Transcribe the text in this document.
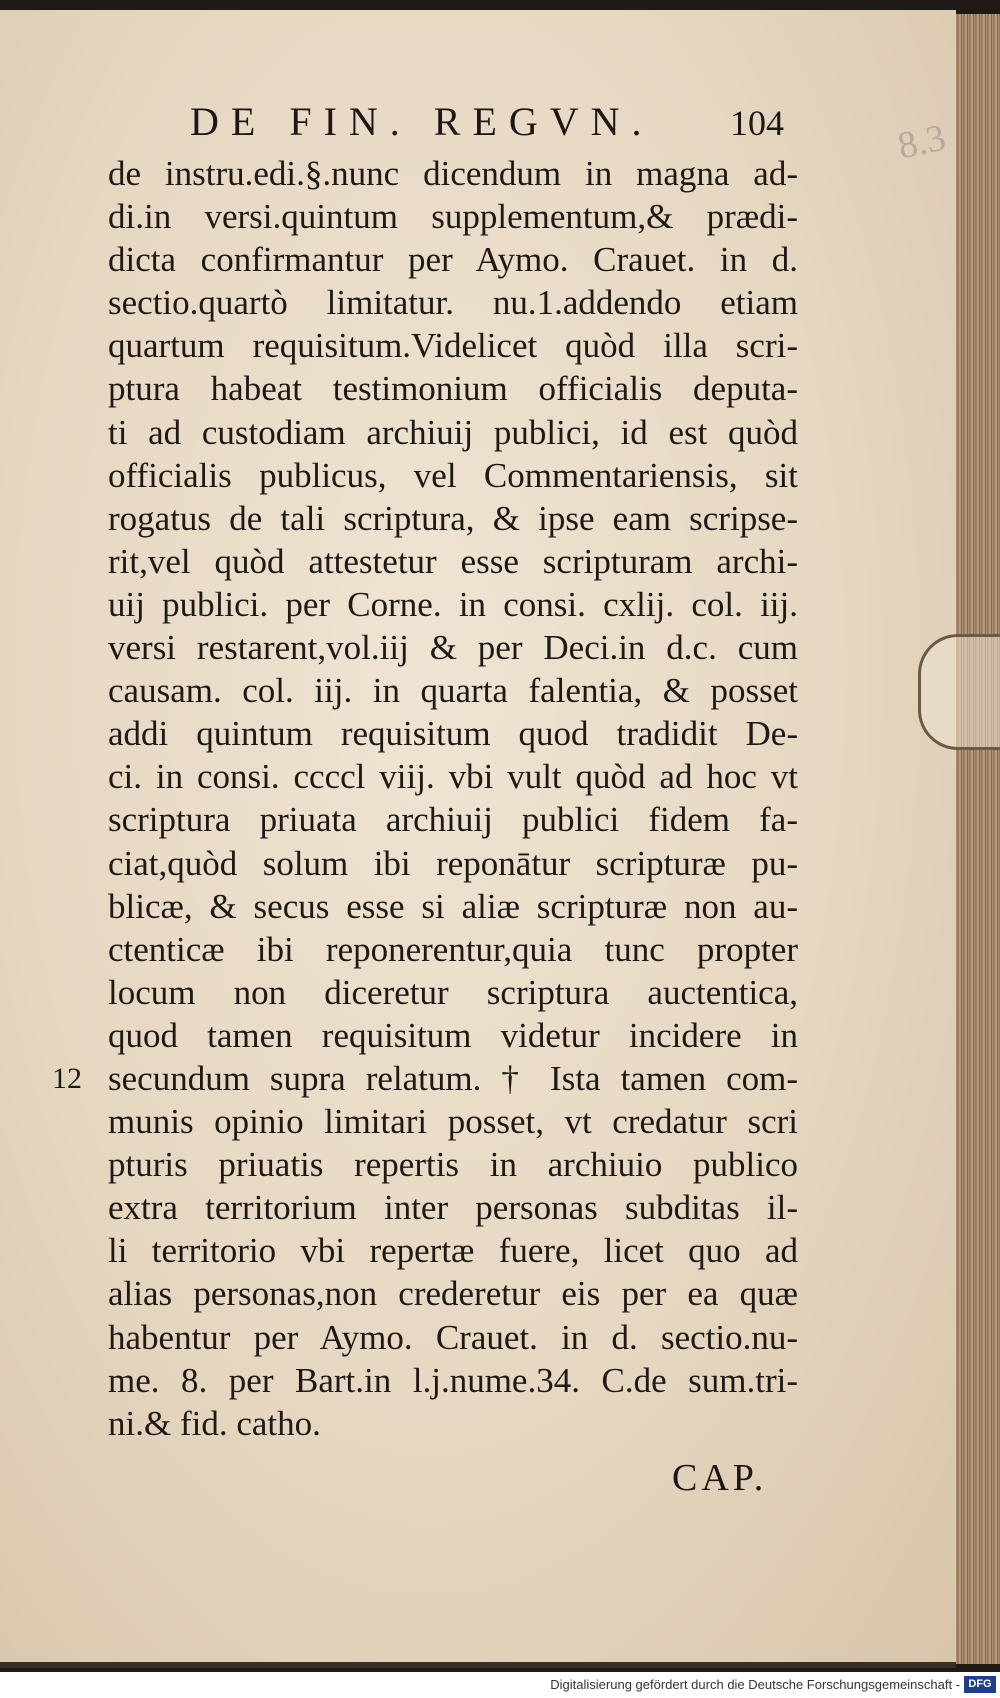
DE FIN. REGVN. 104	8.3
de instru.edi.§.nunc dicendum in magna ad-
di.in versi.quintum supplementum,& prædi-
dicta confirmantur per Aymo. Crauet. in d.
sectio.quartò limitatur. nu.1.addendo etiam
quartum requisitum.Videlicet quòd illa scri-
ptura habeat testimonium officialis deputa-
ti ad custodiam archiuij publici, id est quòd
officialis publicus, vel Commentariensis, sit
rogatus de tali scriptura, & ipse eam scripse-
rit,vel quòd attestetur esse scripturam archi-
uij publici. per Corne. in consi. cxlij. col. iij.
versi restarent,vol.iij & per Deci.in d.c. cum
causam. col. iij. in quarta falentia, & posset
addi quintum requisitum quod tradidit De-
ci. in consi. ccccl viij. vbi vult quòd ad hoc vt
scriptura priuata archiuij publici fidem fa-
ciat,quòd solum ibi reponātur scripturæ pu-
blicæ, & secus esse si aliæ scripturæ non au-
ctenticæ ibi reponerentur,quia tunc propter
locum non diceretur scriptura auctentica,
quod tamen requisitum videtur incidere in
secundum supra relatum. † Ista tamen com-
munis opinio limitari posset, vt credatur scri
pturis priuatis repertis in archiuio publico
extra territorium inter personas subditas il-
li territorio vbi repertæ fuere, licet quo ad
alias personas,non crederetur eis per ea quæ
habentur per Aymo. Crauet. in d. sectio.nu-
me. 8. per Bart.in l.j.nume.34. C.de sum.tri-
ni.& fid. catho.
12
CAP.
Digitalisierung gefördert durch die Deutsche Forschungsgemeinschaft - DFG
